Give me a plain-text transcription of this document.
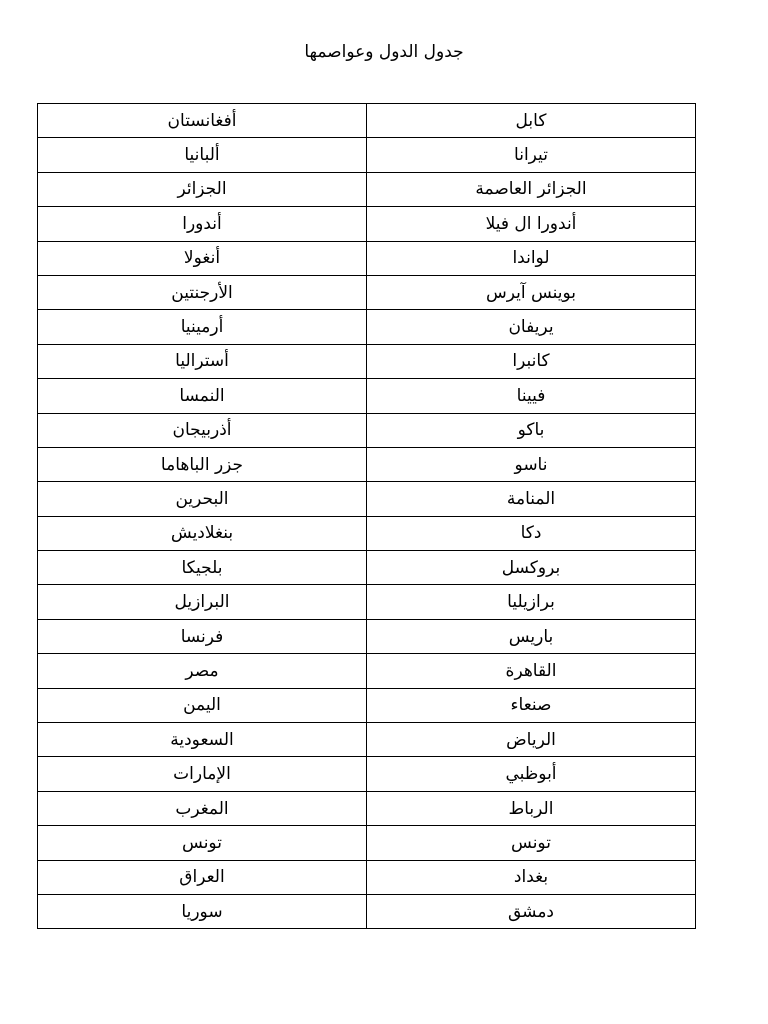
جدول الدول وعواصمها
أفغانستان	كابل
ألبانيا	تيرانا
الجزائر	الجزائر العاصمة
أندورا	أندورا ال فيلا
أنغولا	لواندا
الأرجنتين	بوينس آيرس
أرمينيا	يريفان
أستراليا	كانبرا
النمسا	فيينا
أذربيجان	باكو
جزر الباهاما	ناسو
البحرين	المنامة
بنغلاديش	دكا
بلجيكا	بروكسل
البرازيل	برازيليا
فرنسا	باريس
مصر	القاهرة
اليمن	صنعاء
السعودية	الرياض
الإمارات	أبوظبي
المغرب	الرباط
تونس	تونس
العراق	بغداد
سوريا	دمشق
